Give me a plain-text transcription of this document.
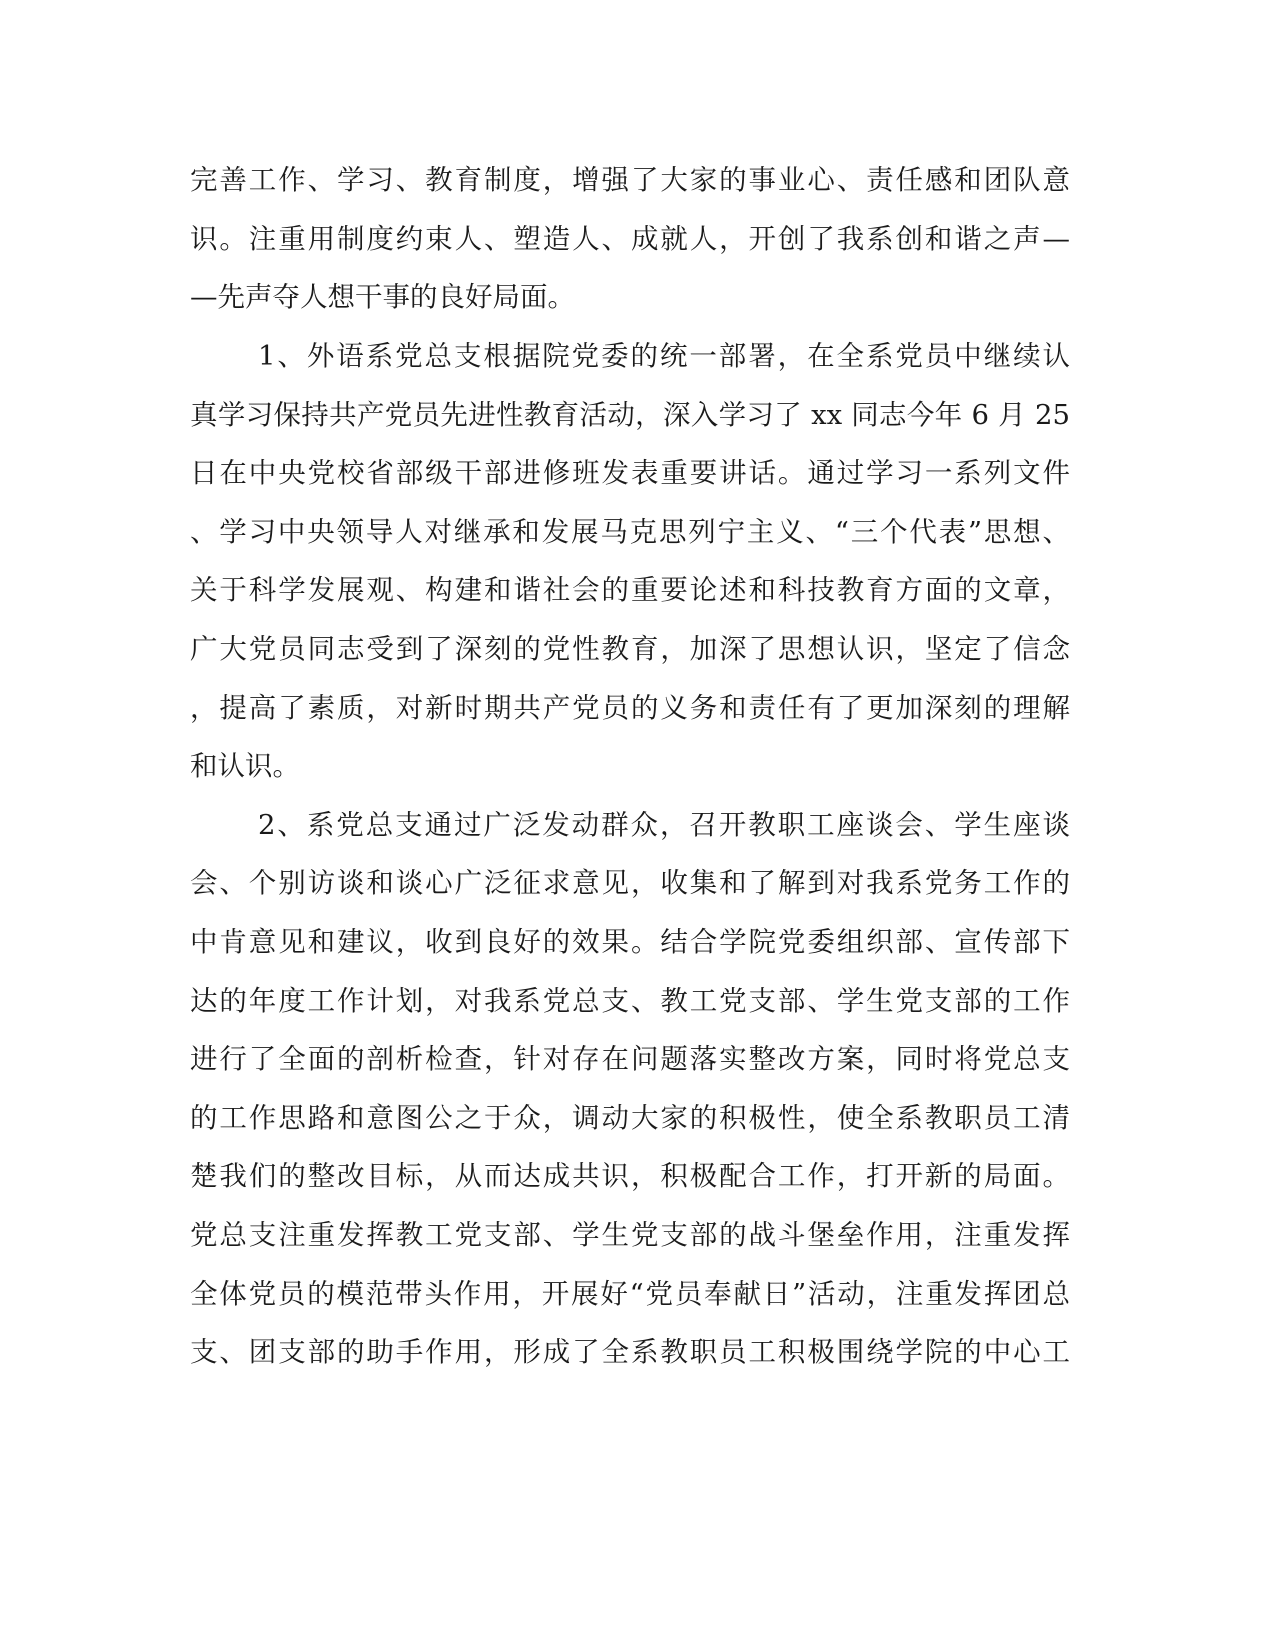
完善工作、学习、教育制度，增强了大家的事业心、责任感和团队意
识。注重用制度约束人、塑造人、成就人，开创了我系创和谐之声—
—先声夺人想干事的良好局面。
1、外语系党总支根据院党委的统一部署，在全系党员中继续认
真学习保持共产党员先进性教育活动，深入学习了 xx 同志今年 6 月 25
日在中央党校省部级干部进修班发表重要讲话。通过学习一系列文件
、学习中央领导人对继承和发展马克思列宁主义、“三个代表”思想、
关于科学发展观、构建和谐社会的重要论述和科技教育方面的文章，
广大党员同志受到了深刻的党性教育，加深了思想认识，坚定了信念
，提高了素质，对新时期共产党员的义务和责任有了更加深刻的理解
和认识。
2、系党总支通过广泛发动群众，召开教职工座谈会、学生座谈
会、个别访谈和谈心广泛征求意见，收集和了解到对我系党务工作的
中肯意见和建议，收到良好的效果。结合学院党委组织部、宣传部下
达的年度工作计划，对我系党总支、教工党支部、学生党支部的工作
进行了全面的剖析检查，针对存在问题落实整改方案，同时将党总支
的工作思路和意图公之于众，调动大家的积极性，使全系教职员工清
楚我们的整改目标，从而达成共识，积极配合工作，打开新的局面。
党总支注重发挥教工党支部、学生党支部的战斗堡垒作用，注重发挥
全体党员的模范带头作用，开展好“党员奉献日”活动，注重发挥团总
支、团支部的助手作用，形成了全系教职员工积极围绕学院的中心工
